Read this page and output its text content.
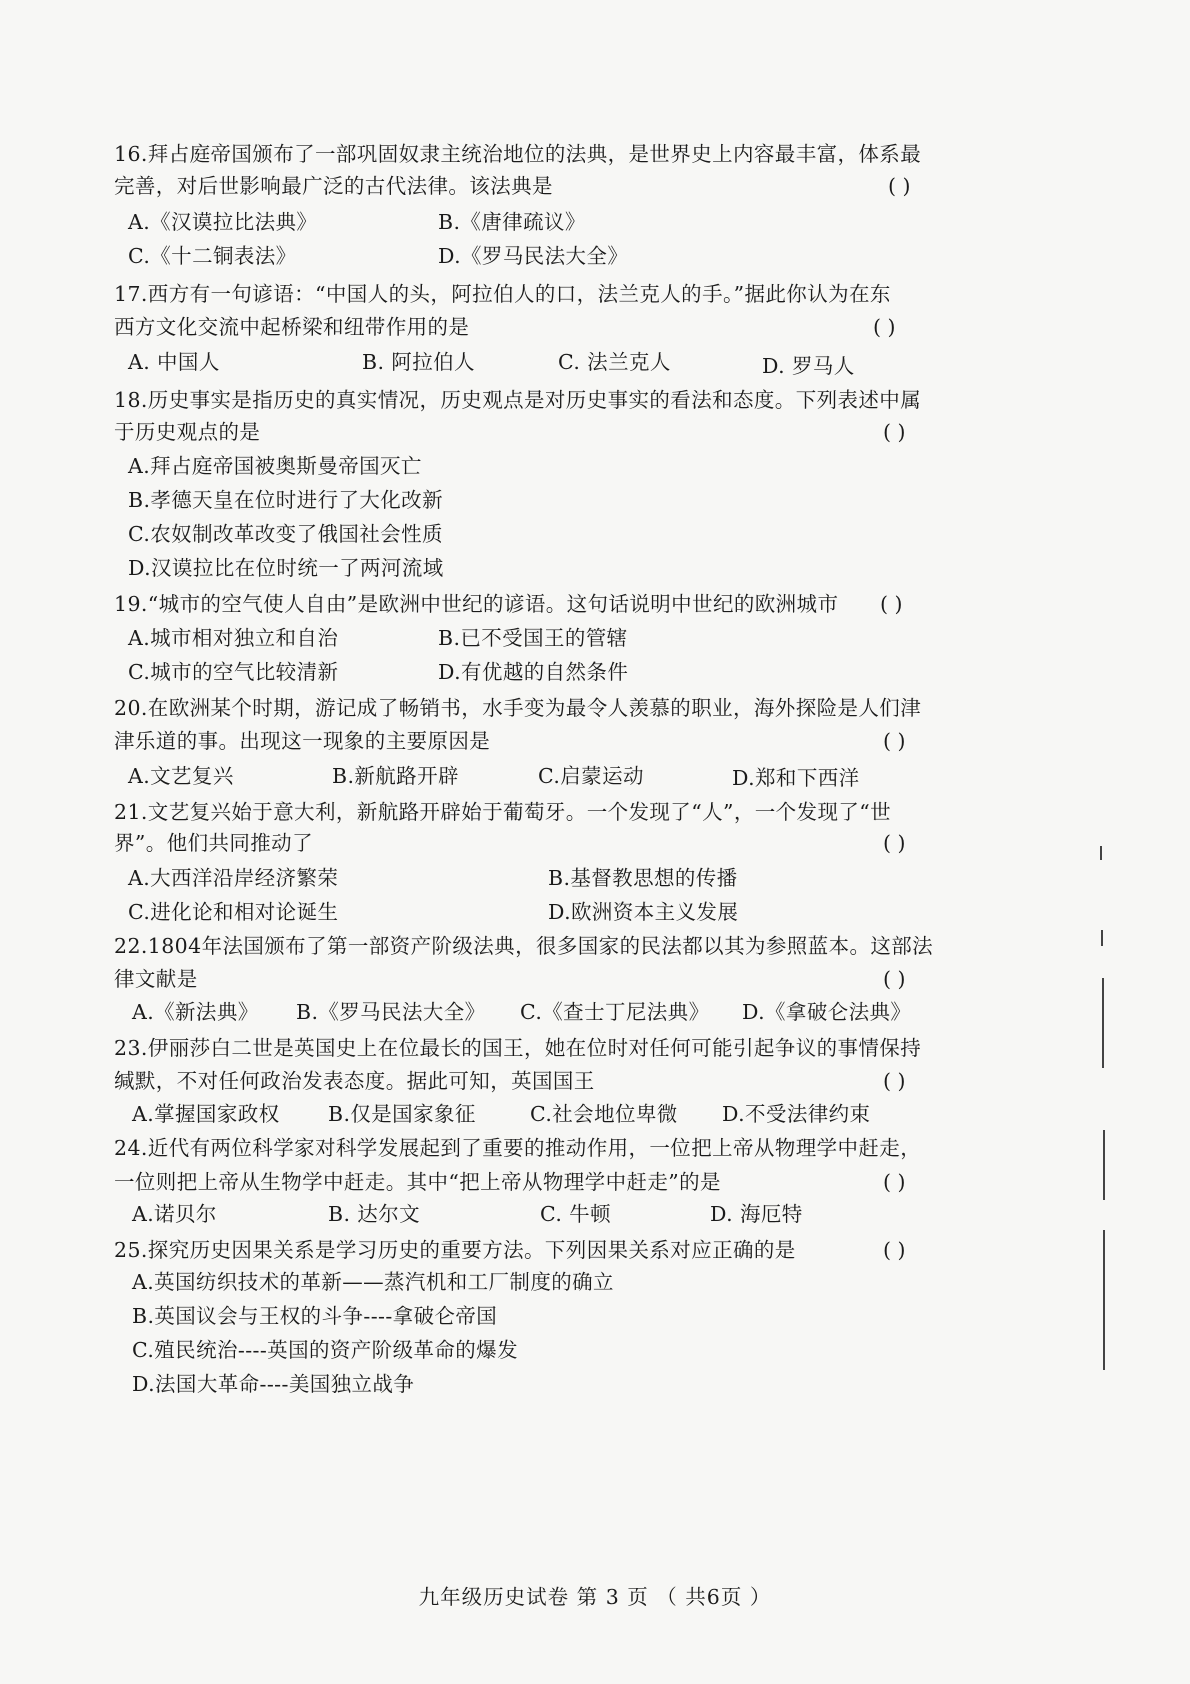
16.拜占庭帝国颁布了一部巩固奴隶主统治地位的法典，是世界史上内容最丰富，体系最
完善，对后世影响最广泛的古代法律。该法典是	( )
A.《汉谟拉比法典》	B.《唐律疏议》
C.《十二铜表法》	D.《罗马民法大全》
17.西方有一句谚语：“中国人的头，阿拉伯人的口，法兰克人的手。”据此你认为在东
西方文化交流中起桥梁和纽带作用的是	( )
A. 中国人	B. 阿拉伯人	C. 法兰克人	D. 罗马人
18.历史事实是指历史的真实情况，历史观点是对历史事实的看法和态度。下列表述中属
于历史观点的是	( )
A.拜占庭帝国被奥斯曼帝国灭亡
B.孝德天皇在位时进行了大化改新
C.农奴制改革改变了俄国社会性质
D.汉谟拉比在位时统一了两河流域
19.“城市的空气使人自由”是欧洲中世纪的谚语。这句话说明中世纪的欧洲城市 ( )
A.城市相对独立和自治	B.已不受国王的管辖
C.城市的空气比较清新	D.有优越的自然条件
20.在欧洲某个时期，游记成了畅销书，水手变为最令人羡慕的职业，海外探险是人们津
津乐道的事。出现这一现象的主要原因是	( )
A.文艺复兴	B.新航路开辟	C.启蒙运动	D.郑和下西洋
21.文艺复兴始于意大利，新航路开辟始于葡萄牙。一个发现了“人”，一个发现了“世
界”。他们共同推动了	( )
A.大西洋沿岸经济繁荣	B.基督教思想的传播
C.进化论和相对论诞生	D.欧洲资本主义发展
22.1804年法国颁布了第一部资产阶级法典，很多国家的民法都以其为参照蓝本。这部法
律文献是	( )
A.《新法典》 B.《罗马民法大全》 C.《查士丁尼法典》 D.《拿破仑法典》
23.伊丽莎白二世是英国史上在位最长的国王，她在位时对任何可能引起争议的事情保持
缄默，不对任何政治发表态度。据此可知，英国国王	( )
A.掌握国家政权 B.仅是国家象征	C.社会地位卑微 D.不受法律约束
24.近代有两位科学家对科学发展起到了重要的推动作用，一位把上帝从物理学中赶走，
一位则把上帝从生物学中赶走。其中“把上帝从物理学中赶走”的是	( )
A.诺贝尔	B. 达尔文	C. 牛顿	D. 海厄特
25.探究历史因果关系是学习历史的重要方法。下列因果关系对应正确的是	( )
A.英国纺织技术的革新——蒸汽机和工厂制度的确立
B.英国议会与王权的斗争----拿破仑帝国
C.殖民统治----英国的资产阶级革命的爆发
D.法国大革命----美国独立战争
九年级历史试卷 第 3 页 （ 共6页 ）
